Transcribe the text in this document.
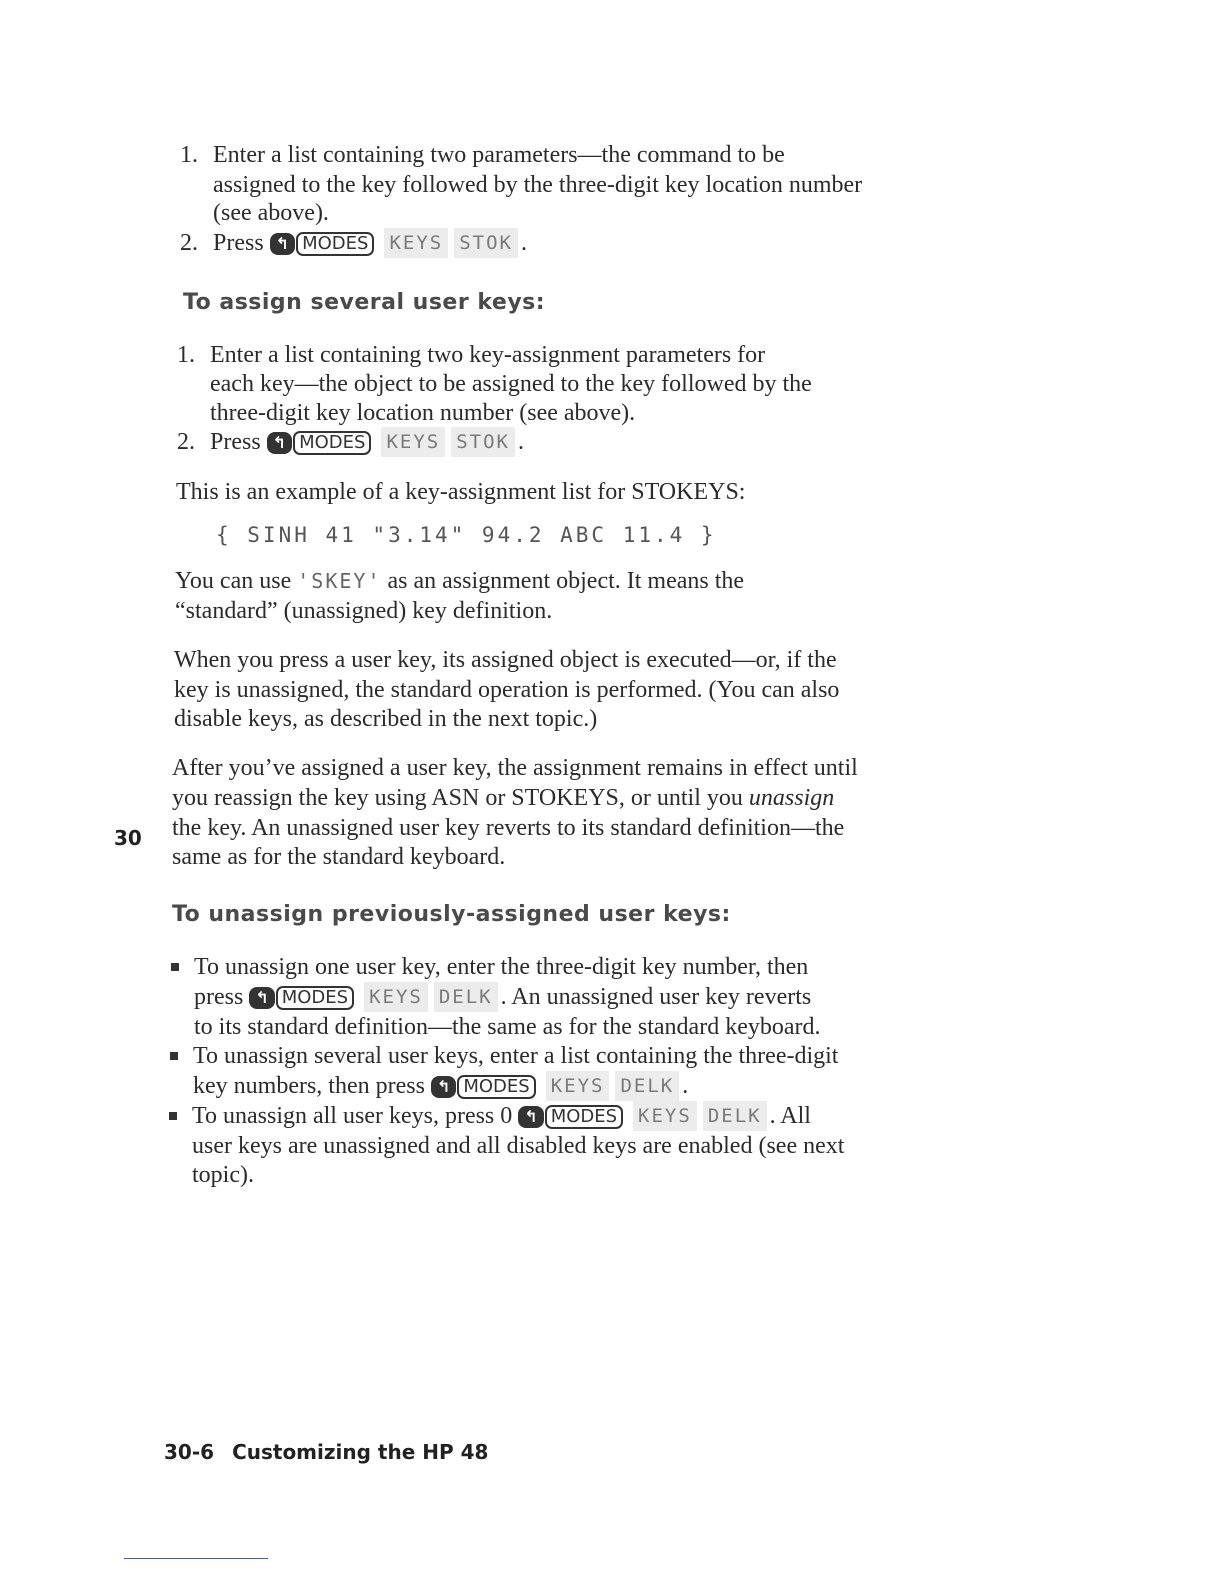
1. Enter a list containing two parameters—the command to be
assigned to the key followed by the three-digit key location number
(see above).
2. Press ↰ MODES KEYS STOK .
To assign several user keys:
1. Enter a list containing two key-assignment parameters for
each key—the object to be assigned to the key followed by the
three-digit key location number (see above).
2. Press ↰ MODES KEYS STOK .
This is an example of a key-assignment list for STOKEYS:
{ SINH 41 "3.14" 94.2 ABC 11.4 }
You can use 'SKEY' as an assignment object. It means the
“standard” (unassigned) key definition.
When you press a user key, its assigned object is executed—or, if the
key is unassigned, the standard operation is performed. (You can also
disable keys, as described in the next topic.)
After you’ve assigned a user key, the assignment remains in effect until
you reassign the key using ASN or STOKEYS, or until you unassign
the key. An unassigned user key reverts to its standard definition—the
same as for the standard keyboard.
30
To unassign previously-assigned user keys:
To unassign one user key, enter the three-digit key number, then
press ↰ MODES KEYS DELK . An unassigned user key reverts
to its standard definition—the same as for the standard keyboard.
To unassign several user keys, enter a list containing the three-digit
key numbers, then press ↰ MODES KEYS DELK .
To unassign all user keys, press 0 ↰ MODES KEYS DELK . All
user keys are unassigned and all disabled keys are enabled (see next
topic).
30-6 Customizing the HP 48
